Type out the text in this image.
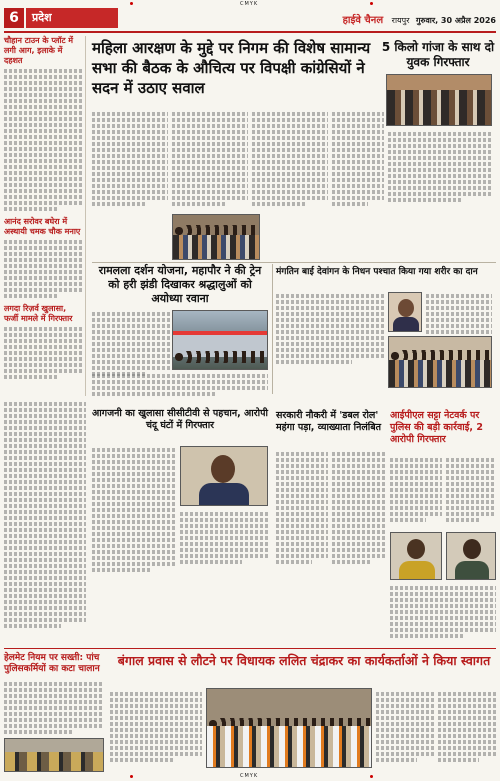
CMYK
6	प्रदेश	हाईवे चैनल रायपुर गुरुवार, 30 अप्रैल 2026
चौहान टाउन के प्लॉट में लगी आग, इलाके में दहशत
आनंद सरोवर बघेरा में अस्थायी चमक चौक मनाए
लगदा रिज़र्व खुलासा, फर्जी मामले में गिरफ्तार
महिला आरक्षण के मुद्दे पर निगम की विशेष सामान्य सभा की बैठक के औचित्य पर विपक्षी कांग्रेसियों ने सदन में उठाए सवाल
5 किलो गांजा के साथ दो युवक गिरफ्तार
रामलला दर्शन योजना, महापौर ने की ट्रेन को हरी झंडी दिखाकर श्रद्धालुओं को अयोध्या रवाना
मंगतिन बाई देवांगन के निधन पश्चात किया गया शरीर का दान
आगजनी का खुलासा सीसीटीवी से पहचान, आरोपी चंदू घंटों में गिरफ्तार
सरकारी नौकरी में 'डबल रोल' महंगा पड़ा, व्याख्याता निलंबित
आईपीएल सट्टा नेटवर्क पर पुलिस की बड़ी कार्रवाई, 2 आरोपी गिरफ्तार
हेलमेट नियम पर सख्ती: पांच पुलिसकर्मियों का कटा चालान
बंगाल प्रवास से लौटने पर विधायक ललित चंद्राकर का कार्यकर्ताओं ने किया स्वागत
CMYK
